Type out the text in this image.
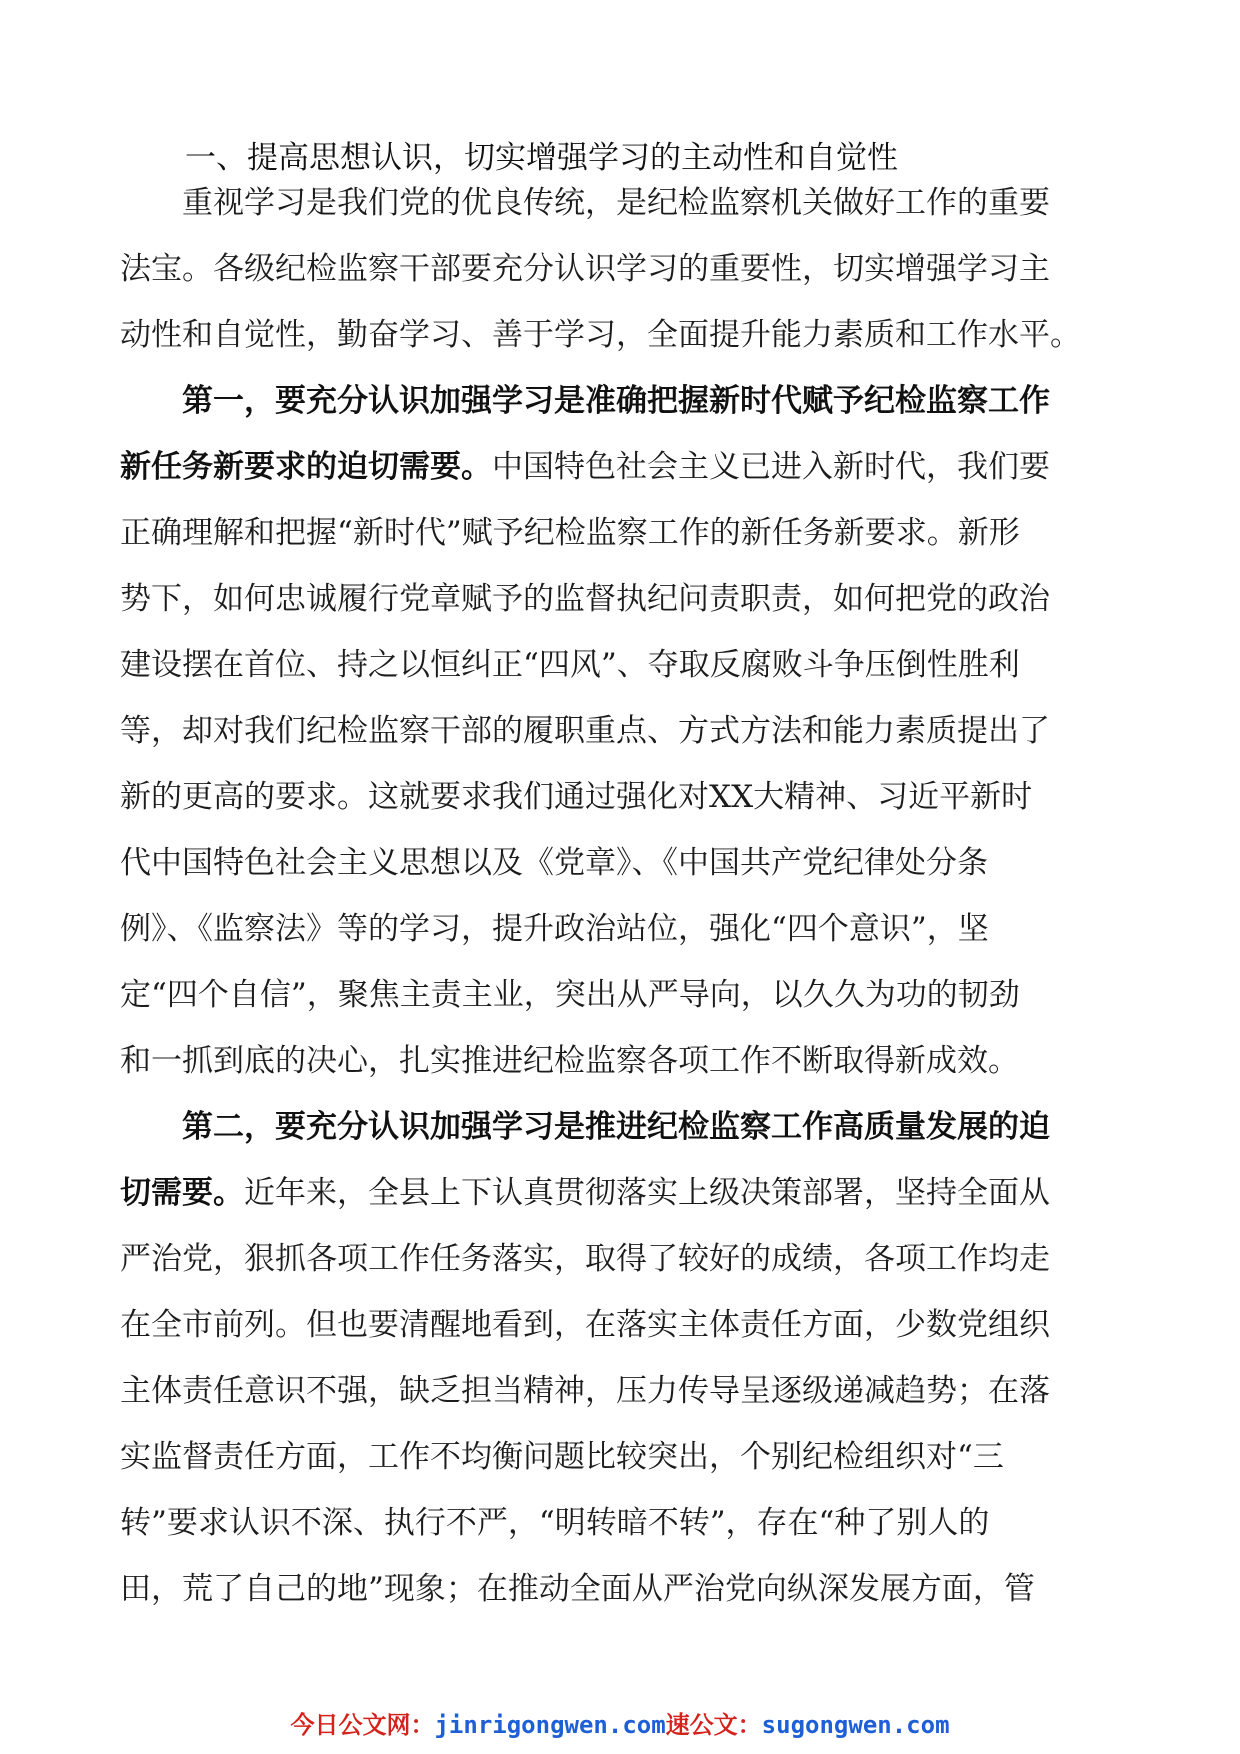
一、提高思想认识，切实增强学习的主动性和自觉性
重视学习是我们党的优良传统，是纪检监察机关做好工作的重要
法宝。各级纪检监察干部要充分认识学习的重要性，切实增强学习主
动性和自觉性，勤奋学习、善于学习，全面提升能力素质和工作水平。
第一，要充分认识加强学习是准确把握新时代赋予纪检监察工作
新任务新要求的迫切需要。中国特色社会主义已进入新时代，我们要
正确理解和把握“新时代”赋予纪检监察工作的新任务新要求。新形
势下，如何忠诚履行党章赋予的监督执纪问责职责，如何把党的政治
建设摆在首位、持之以恒纠正“四风”、夺取反腐败斗争压倒性胜利
等，却对我们纪检监察干部的履职重点、方式方法和能力素质提出了
新的更高的要求。这就要求我们通过强化对XX大精神、习近平新时
代中国特色社会主义思想以及《党章》、《中国共产党纪律处分条
例》、《监察法》等的学习，提升政治站位，强化“四个意识”，坚
定“四个自信”，聚焦主责主业，突出从严导向，以久久为功的韧劲
和一抓到底的决心，扎实推进纪检监察各项工作不断取得新成效。
第二，要充分认识加强学习是推进纪检监察工作高质量发展的迫
切需要。近年来，全县上下认真贯彻落实上级决策部署，坚持全面从
严治党，狠抓各项工作任务落实，取得了较好的成绩，各项工作均走
在全市前列。但也要清醒地看到，在落实主体责任方面，少数党组织
主体责任意识不强，缺乏担当精神，压力传导呈逐级递减趋势；在落
实监督责任方面，工作不均衡问题比较突出，个别纪检组织对“三
转”要求认识不深、执行不严，“明转暗不转”，存在“种了别人的
田，荒了自己的地”现象；在推动全面从严治党向纵深发展方面，管
今日公文网：jinrigongwen.com速公文：sugongwen.com
